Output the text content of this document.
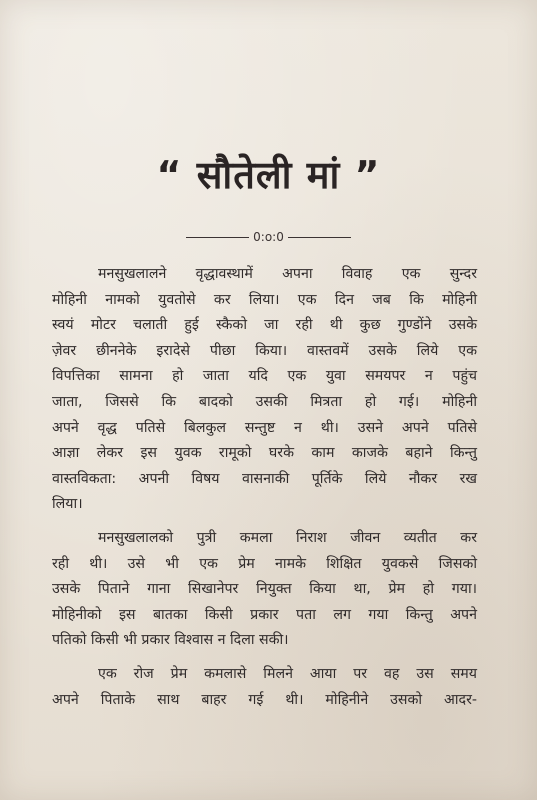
“ सौतेली मां ”
0:o:0

मनसुखलालने वृद्धावस्थामें अपना विवाह एक सुन्दर
मोहिनी नामको युवतोसे कर लिया। एक दिन जब कि मोहिनी
स्वयं मोटर चलाती हुई स्कैको जा रही थी कुछ गुण्डोंने उसके
ज़ेवर छीननेके इरादेसे पीछा किया। वास्तवमें उसके लिये एक
विपत्तिका सामना हो जाता यदि एक युवा समयपर न पहुंच
जाता, जिससे कि बादको उसकी मित्रता हो गई। मोहिनी
अपने वृद्ध पतिसे बिलकुल सन्तुष्ट न थी। उसने अपने पतिसे
आज्ञा लेकर इस युवक रामूको घरके काम काजके बहाने किन्तु
वास्तविकता: अपनी विषय वासनाकी पूर्तिके लिये नौकर रख
लिया।

मनसुखलालको पुत्री कमला निराश जीवन व्यतीत कर
रही थी। उसे भी एक प्रेम नामके शिक्षित युवकसे जिसको
उसके पिताने गाना सिखानेपर नियुक्त किया था, प्रेम हो गया।
मोहिनीको इस बातका किसी प्रकार पता लग गया किन्तु अपने
पतिको किसी भी प्रकार विश्वास न दिला सकी।

एक रोज प्रेम कमलासे मिलने आया पर वह उस समय
अपने पिताके साथ बाहर गई थी। मोहिनीने उसको आदर-
